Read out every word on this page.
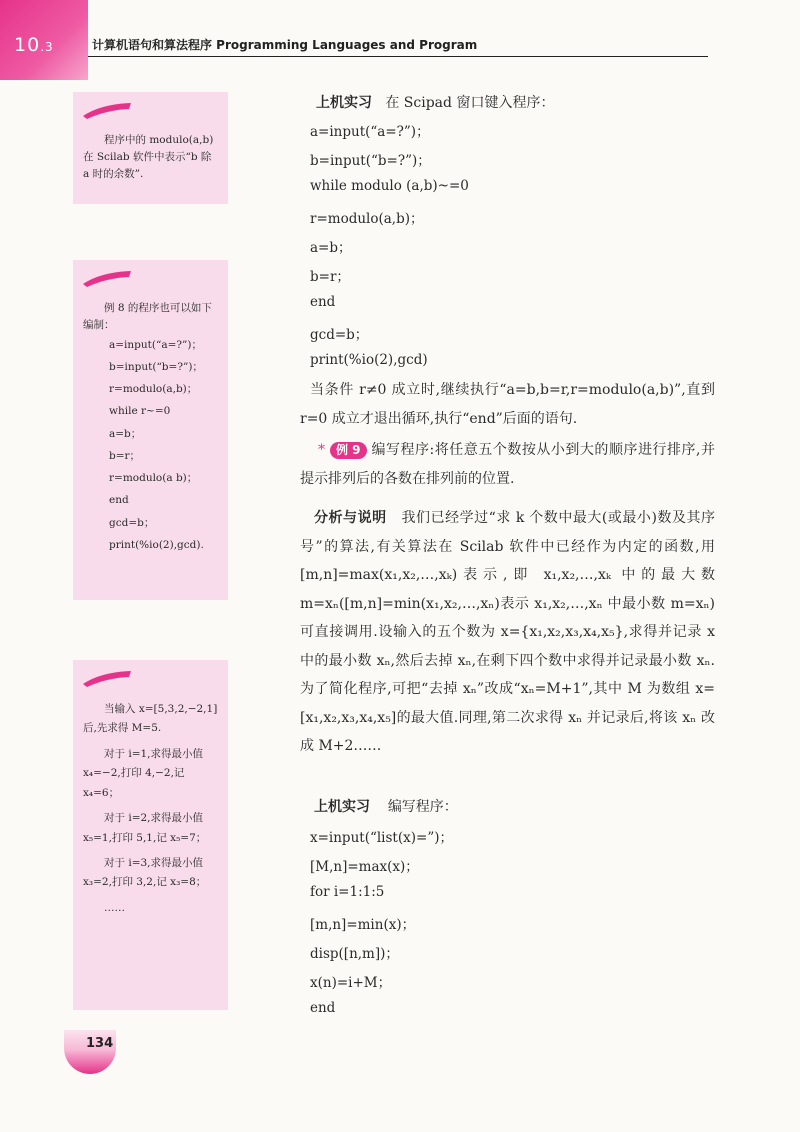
10.3	计算机语句和算法程序 Programming Languages and Program

程序中的 modulo(a,b) 在 Scilab 软件中表示“b 除 a 时的余数”.

例 8 的程序也可以如下编制：

a=input(“a=?”)；

b=input(“b=?”)；

r=modulo(a,b)；

while r~=0

a=b；

b=r；

r=modulo(a b)；

end

gcd=b；

print(%io(2),gcd).

当输入 x=[5,3,2,−2,1]后,先求得 M=5.

对于 i=1,求得最小值 x₄=−2,打印 4,−2,记 x₄=6；

对于 i=2,求得最小值 x₅=1,打印 5,1,记 x₅=7；

对于 i=3,求得最小值 x₃=2,打印 3,2,记 x₃=8；

……

上机实习 在 Scipad 窗口键入程序：
a=input(“a=?”)；
b=input(“b=?”)；
while modulo (a,b)~=0
r=modulo(a,b)；
a=b；
b=r；
end
gcd=b；
print(%io(2),gcd)
当条件 r≠0 成立时,继续执行“a=b,b=r,r=modulo(a,b)”,直到 r=0 成立才退出循环,执行“end”后面的语句.
* 例 9 编写程序:将任意五个数按从小到大的顺序进行排序,并提示排列后的各数在排列前的位置.
分析与说明 我们已经学过“求 k 个数中最大(或最小)数及其序号”的算法,有关算法在 Scilab 软件中已经作为内定的函数,用[m,n]=max(x₁,x₂,…,xₖ)表示,即 x₁,x₂,…,xₖ 中的最大数 m=xₙ([m,n]=min(x₁,x₂,…,xₙ)表示 x₁,x₂,…,xₙ 中最小数 m=xₙ)可直接调用.设输入的五个数为 x={x₁,x₂,x₃,x₄,x₅},求得并记录 x 中的最小数 xₙ,然后去掉 xₙ,在剩下四个数中求得并记录最小数 xₙ.为了简化程序,可把“去掉 xₙ”改成“xₙ=M+1”,其中 M 为数组 x=[x₁,x₂,x₃,x₄,x₅]的最大值.同理,第二次求得 xₙ 并记录后,将该 xₙ 改成 M+2……
上机实习 编写程序：
x=input(“list(x)=”)；
[M,n]=max(x)；
for i=1:1:5
[m,n]=min(x)；
disp([n,m])；
x(n)=i+M；
end
134
